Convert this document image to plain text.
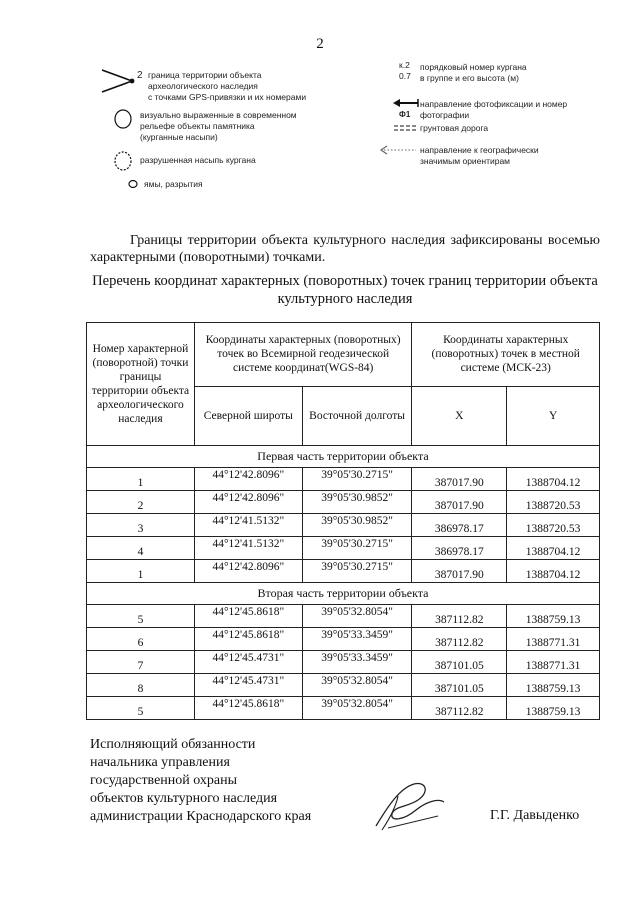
2
2 граница территории объекта
археологического наследия
с точками GPS-привязки и их номерами
визуально выраженные в современном
рельефе объекты памятника
(курганные насыпи)
разрушенная насыпь кургана
ямы, разрытия
к.2
0.7
порядковый номер кургана
в группе и его высота (м)
Ф1
направление фотофиксации и номер
фотографии
грунтовая дорога
направление к географически
значимым ориентирам
Границы территории объекта культурного наследия зафиксированы восемью характерными (поворотными) точками.
Перечень координат характерных (поворотных) точек границ территории объекта культурного наследия
Номер характерной (поворотной) точки границы территории объекта археологического наследия	Координаты характерных (поворотных) точек во Всемирной геодезической системе координат(WGS-84)		Координаты характерных (поворотных) точек в местной системе (МСК-23)	
	Северной широты	Восточной долготы	X	Y
Первая часть территории объекта				
1	44°12'42.8096"	39°05'30.2715"	387017.90	1388704.12
2	44°12'42.8096"	39°05'30.9852"	387017.90	1388720.53
3	44°12'41.5132"	39°05'30.9852"	386978.17	1388720.53
4	44°12'41.5132"	39°05'30.2715"	386978.17	1388704.12
1	44°12'42.8096"	39°05'30.2715"	387017.90	1388704.12
Вторая часть территории объекта				
5	44°12'45.8618"	39°05'32.8054"	387112.82	1388759.13
6	44°12'45.8618"	39°05'33.3459"	387112.82	1388771.31
7	44°12'45.4731"	39°05'33.3459"	387101.05	1388771.31
8	44°12'45.4731"	39°05'32.8054"	387101.05	1388759.13
5	44°12'45.8618"	39°05'32.8054"	387112.82	1388759.13
Исполняющий обязанности
начальника управления
государственной охраны
объектов культурного наследия
администрации Краснодарского края	Г.Г. Давыденко
